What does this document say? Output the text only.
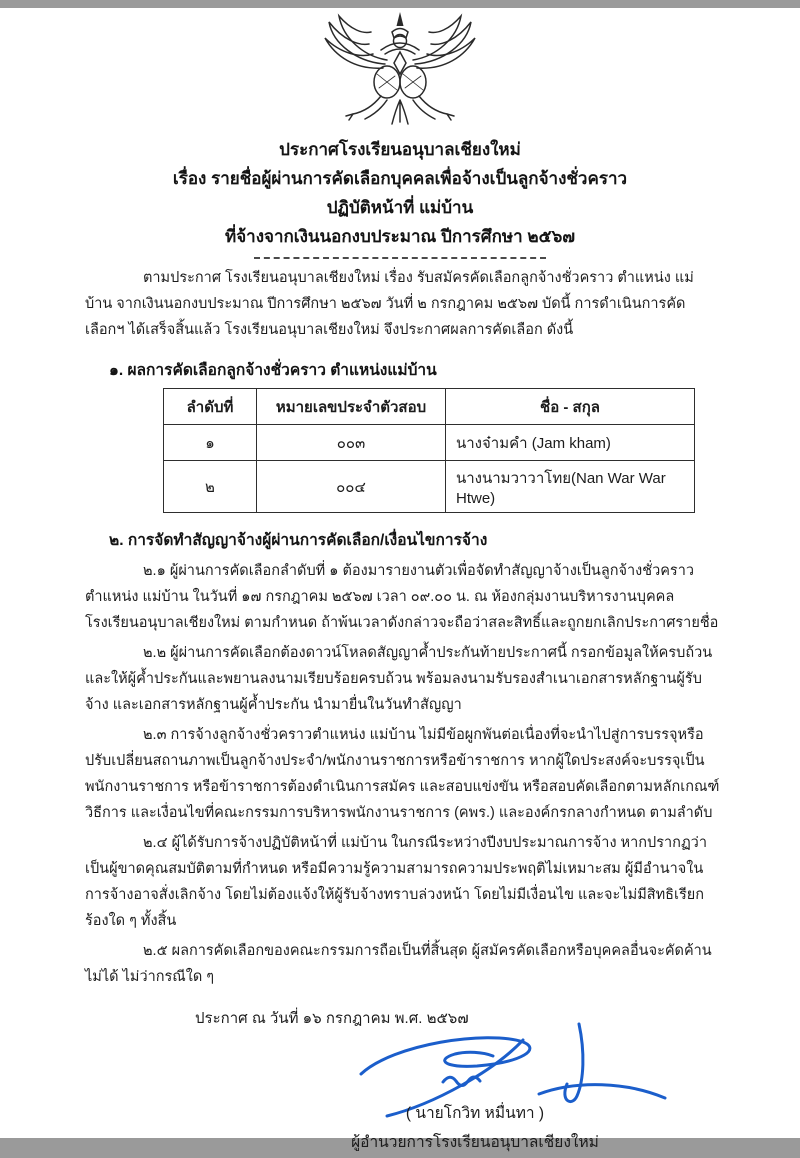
ประกาศโรงเรียนอนุบาลเชียงใหม่
เรื่อง รายชื่อผู้ผ่านการคัดเลือกบุคคลเพื่อจ้างเป็นลูกจ้างชั่วคราว
ปฏิบัติหน้าที่ แม่บ้าน
ที่จ้างจากเงินนอกงบประมาณ ปีการศึกษา ๒๕๖๗

ตามประกาศ โรงเรียนอนุบาลเชียงใหม่ เรื่อง รับสมัครคัดเลือกลูกจ้างชั่วคราว ตำแหน่ง แม่บ้าน จากเงินนอกงบประมาณ ปีการศึกษา ๒๕๖๗ วันที่ ๒ กรกฎาคม ๒๕๖๗ บัดนี้ การดำเนินการคัดเลือกฯ ได้เสร็จสิ้นแล้ว โรงเรียนอนุบาลเชียงใหม่ จึงประกาศผลการคัดเลือก ดังนี้

๑. ผลการคัดเลือกลูกจ้างชั่วคราว ตำแหน่งแม่บ้าน
ลำดับที่	หมายเลขประจำตัวสอบ	ชื่อ - สกุล
๑	๐๐๓	นางจ๋ามคำ (Jam kham)
๒	๐๐๔	นางนามวาวาโทย(Nan War War Htwe)
๒. การจัดทำสัญญาจ้างผู้ผ่านการคัดเลือก/เงื่อนไขการจ้าง

๒.๑ ผู้ผ่านการคัดเลือกลำดับที่ ๑ ต้องมารายงานตัวเพื่อจัดทำสัญญาจ้างเป็นลูกจ้างชั่วคราว ตำแหน่ง แม่บ้าน ในวันที่ ๑๗ กรกฎาคม ๒๕๖๗ เวลา ๐๙.๐๐ น. ณ ห้องกลุ่มงานบริหารงานบุคคล โรงเรียนอนุบาลเชียงใหม่ ตามกำหนด ถ้าพ้นเวลาดังกล่าวจะถือว่าสละสิทธิ์และถูกยกเลิกประกาศรายชื่อ

๒.๒ ผู้ผ่านการคัดเลือกต้องดาวน์โหลดสัญญาค้ำประกันท้ายประกาศนี้ กรอกข้อมูลให้ครบถ้วนและให้ผู้ค้ำประกันและพยานลงนามเรียบร้อยครบถ้วน พร้อมลงนามรับรองสำเนาเอกสารหลักฐานผู้รับจ้าง และเอกสารหลักฐานผู้ค้ำประกัน นำมายื่นในวันทำสัญญา

๒.๓ การจ้างลูกจ้างชั่วคราวตำแหน่ง แม่บ้าน ไม่มีข้อผูกพันต่อเนื่องที่จะนำไปสู่การบรรจุหรือปรับเปลี่ยนสถานภาพเป็นลูกจ้างประจำ/พนักงานราชการหรือข้าราชการ หากผู้ใดประสงค์จะบรรจุเป็นพนักงานราชการ หรือข้าราชการต้องดำเนินการสมัคร และสอบแข่งขัน หรือสอบคัดเลือกตามหลักเกณฑ์ วิธีการ และเงื่อนไขที่คณะกรรมการบริหารพนักงานราชการ (คพร.) และองค์กรกลางกำหนด ตามลำดับ

๒.๔ ผู้ได้รับการจ้างปฏิบัติหน้าที่ แม่บ้าน ในกรณีระหว่างปีงบประมาณการจ้าง หากปรากฏว่าเป็นผู้ขาดคุณสมบัติตามที่กำหนด หรือมีความรู้ความสามารถความประพฤติไม่เหมาะสม ผู้มีอำนาจในการจ้างอาจสั่งเลิกจ้าง โดยไม่ต้องแจ้งให้ผู้รับจ้างทราบล่วงหน้า โดยไม่มีเงื่อนไข และจะไม่มีสิทธิเรียกร้องใด ๆ ทั้งสิ้น

๒.๕ ผลการคัดเลือกของคณะกรรมการถือเป็นที่สิ้นสุด ผู้สมัครคัดเลือกหรือบุคคลอื่นจะคัดค้านไม่ได้ ไม่ว่ากรณีใด ๆ

ประกาศ ณ วันที่ ๑๖ กรกฎาคม พ.ศ. ๒๕๖๗
( นายโกวิท หมื่นทา )
ผู้อำนวยการโรงเรียนอนุบาลเชียงใหม่
